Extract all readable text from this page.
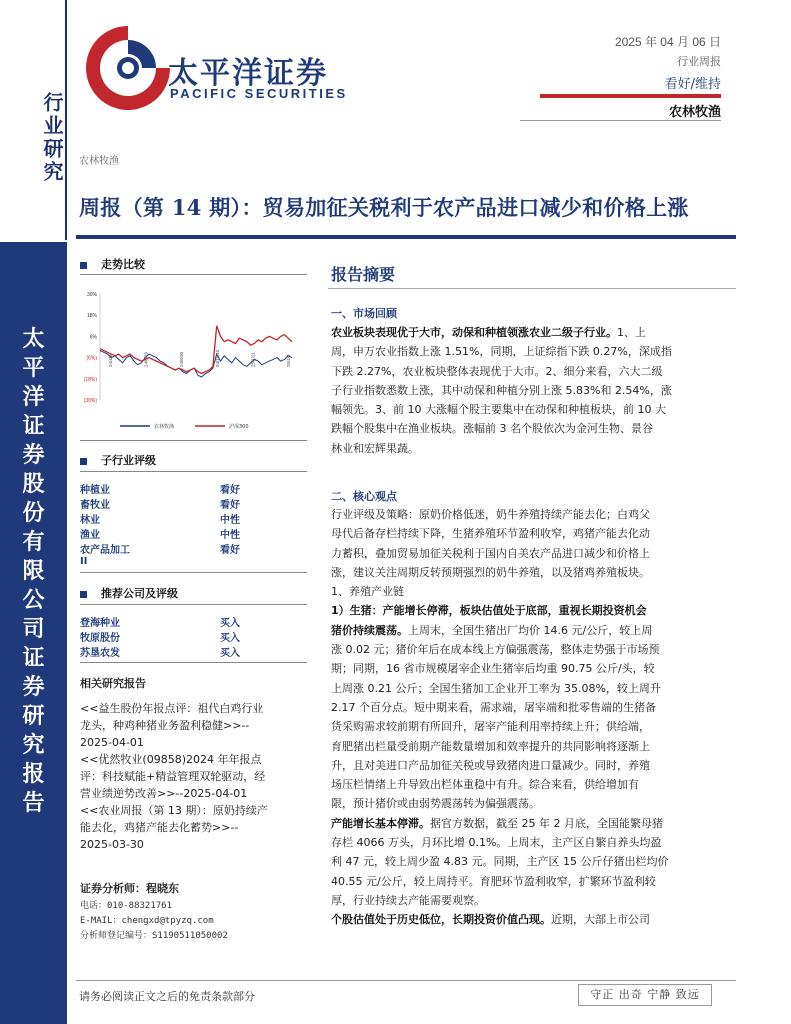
行业研究
太
平
洋
证
券
股
份
有
限
公
司
证
券
研
究
报
告
太平洋证券
PACIFIC SECURITIES
2025 年 04 月 06 日
行业周报
看好/维持
农林牧渔
农林牧渔
周报（第 14 期）：贸易加征关税利于农产品进口减少和价格上涨
走势比较
30%
18%
6%
(6%)
(18%)
(30%)
24/4/8	24/6/19	24/8/30	24/11/10	25/1/21	25/4/3
农林牧渔	沪深300
子行业评级
种植业	看好
畜牧业	看好
林业	中性
渔业	中性
农产品加工	看好
II
推荐公司及评级
登海种业	买入
牧原股份	买入
苏垦农发	买入
相关研究报告
<<益生股份年报点评：祖代白鸡行业
龙头，种鸡种猪业务盈利稳健>>--
2025-04-01
<<优然牧业(09858)2024 年年报点
评：科技赋能+精益管理双轮驱动，经
营业绩逆势改善>>--2025-04-01
<<农业周报（第 13 期）：原奶持续产
能去化，鸡猪产能去化蓄势>>--
2025-03-30
证券分析师：程晓东
电话：010-88321761
E-MAIL：chengxd@tpyzq.com
分析师登记编号：S1190511050002
报告摘要
一、市场回顾
农业板块表现优于大市，动保和种植领涨农业二级子行业。1、上
周，申万农业指数上涨 1.51%，同期，上证综指下跌 0.27%，深成指
下跌 2.27%，农业板块整体表现优于大市。2、细分来看，六大二级
子行业指数悉数上涨，其中动保和种植分别上涨 5.83%和 2.54%，涨
幅领先。3、前 10 大涨幅个股主要集中在动保和种植板块，前 10 大
跌幅个股集中在渔业板块。涨幅前 3 名个股依次为金河生物、景谷
林业和宏辉果蔬。
二、核心观点
行业评级及策略：原奶价格低迷，奶牛养殖持续产能去化；白鸡父
母代后备存栏持续下降，生猪养殖环节盈利收窄，鸡猪产能去化动
力蓄积，叠加贸易加征关税利于国内自美农产品进口减少和价格上
涨，建议关注周期反转预期强烈的奶牛养殖，以及猪鸡养殖板块。
1、养殖产业链
1）生猪：产能增长停滞，板块估值处于底部，重视长期投资机会
猪价持续震荡。上周末，全国生猪出厂均价 14.6 元/公斤，较上周
涨 0.02 元；猪价年后在成本线上方偏强震荡，整体走势强于市场预
期；同期，16 省市规模屠宰企业生猪宰后均重 90.75 公斤/头，较
上周涨 0.21 公斤；全国生猪加工企业开工率为 35.08%，较上周升
2.17 个百分点。短中期来看，需求端，屠宰端和批零售端的生猪备
货采购需求较前期有所回升，屠宰产能利用率持续上升；供给端，
育肥猪出栏量受前期产能数量增加和效率提升的共同影响将逐渐上
升，且对美进口产品加征关税或导致猪肉进口量减少。同时，养殖
场压栏情绪上升导致出栏体重稳中有升。综合来看，供给增加有
限，预计猪价或由弱势震荡转为偏强震荡。
产能增长基本停滞。据官方数据，截至 25 年 2 月底，全国能繁母猪
存栏 4066 万头，月环比增 0.1%。上周末，主产区自繁自养头均盈
利 47 元，较上周少盈 4.83 元。同期，主产区 15 公斤仔猪出栏均价
40.55 元/公斤，较上周持平。育肥环节盈利收窄，扩繁环节盈利较
厚，行业持续去产能需要观察。
个股估值处于历史低位，长期投资价值凸现。近期，大部上市公司
请务必阅读正文之后的免责条款部分	守正 出奇 宁静 致远
